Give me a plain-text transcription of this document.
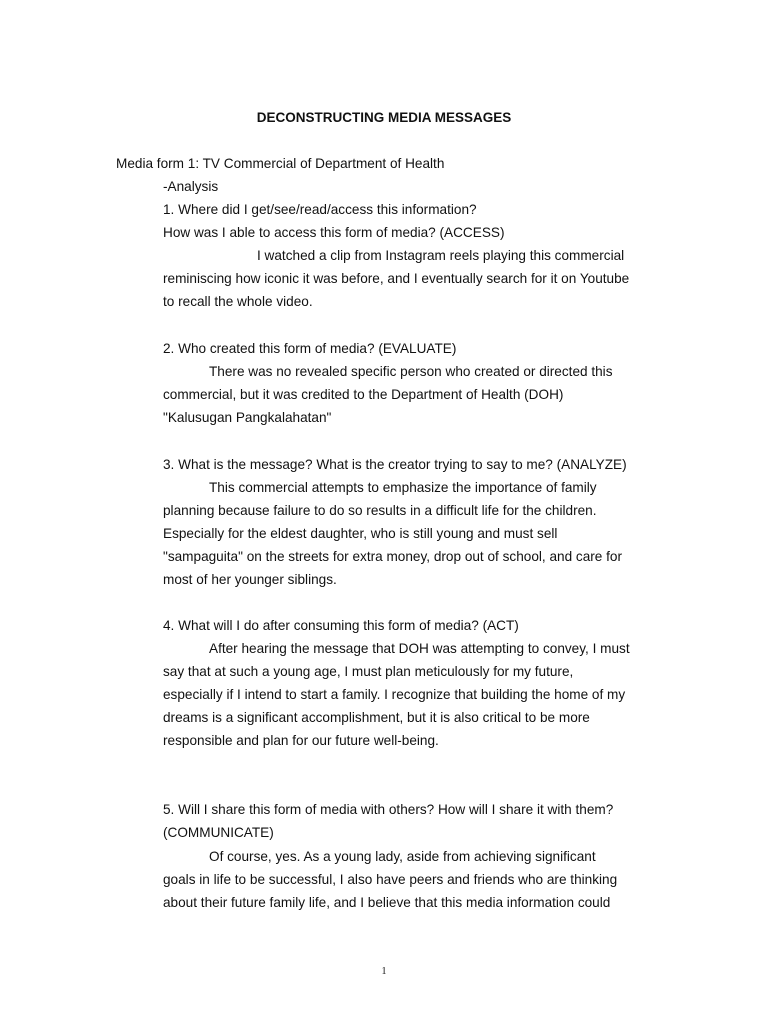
DECONSTRUCTING MEDIA MESSAGES
Media form 1: TV Commercial of Department of Health
-Analysis
1. Where did I get/see/read/access this information?
How was I able to access this form of media? (ACCESS)
I watched a clip from Instagram reels playing this commercial
reminiscing how iconic it was before, and I eventually search for it on Youtube
to recall the whole video.
2. Who created this form of media? (EVALUATE)
There was no revealed specific person who created or directed this
commercial, but it was credited to the Department of Health (DOH)
"Kalusugan Pangkalahatan"
3. What is the message? What is the creator trying to say to me? (ANALYZE)
This commercial attempts to emphasize the importance of family
planning because failure to do so results in a difficult life for the children.
Especially for the eldest daughter, who is still young and must sell
"sampaguita" on the streets for extra money, drop out of school, and care for
most of her younger siblings.
4. What will I do after consuming this form of media? (ACT)
After hearing the message that DOH was attempting to convey, I must
say that at such a young age, I must plan meticulously for my future,
especially if I intend to start a family. I recognize that building the home of my
dreams is a significant accomplishment, but it is also critical to be more
responsible and plan for our future well-being.
5. Will I share this form of media with others? How will I share it with them?
(COMMUNICATE)
Of course, yes. As a young lady, aside from achieving significant
goals in life to be successful, I also have peers and friends who are thinking
about their future family life, and I believe that this media information could
1
